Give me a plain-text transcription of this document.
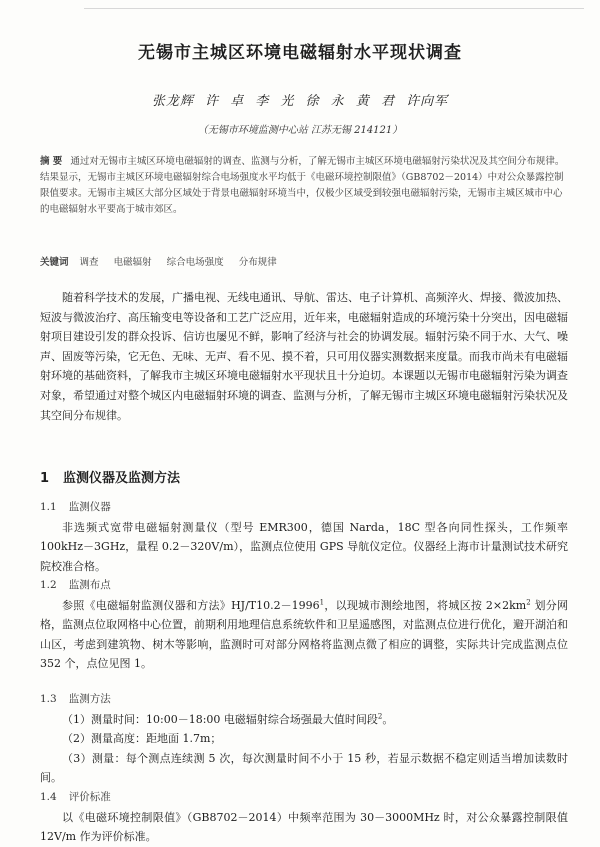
无锡市主城区环境电磁辐射水平现状调查
张龙辉 许 卓 李 光 徐 永 黄 君 许向军
（无锡市环境监测中心站 江苏无锡 214121）
摘 要 通过对无锡市主城区环境电磁辐射的调查、监测与分析，了解无锡市主城区环境电磁辐射污染状况及其空间分布规律。结果显示，无锡市主城区环境电磁辐射综合电场强度水平均低于《电磁环境控制限值》（GB8702－2014）中对公众暴露控制限值要求。无锡市主城区大部分区域处于背景电磁辐射环境当中，仅极少区域受到较强电磁辐射污染，无锡市主城区城市中心的电磁辐射水平要高于城市郊区。
关键词 调查 电磁辐射 综合电场强度 分布规律

随着科学技术的发展，广播电视、无线电通讯、导航、雷达、电子计算机、高频淬火、焊接、微波加热、短波与微波治疗、高压输变电等设备和工艺广泛应用，近年来，电磁辐射造成的环境污染十分突出，因电磁辐射项目建设引发的群众投诉、信访也屡见不鲜，影响了经济与社会的协调发展。辐射污染不同于水、大气、噪声、固废等污染，它无色、无味、无声、看不见、摸不着，只可用仪器实测数据来度量。而我市尚未有电磁辐射环境的基础资料，了解我市主城区环境电磁辐射水平现状且十分迫切。本课题以无锡市电磁辐射污染为调查对象，希望通过对整个城区内电磁辐射环境的调查、监测与分析，了解无锡市主城区环境电磁辐射污染状况及其空间分布规律。

1 监测仪器及监测方法

1.1 监测仪器

非选频式宽带电磁辐射测量仪（型号 EMR300，德国 Narda，18C 型各向同性探头，工作频率 100kHz－3GHz，量程 0.2－320V/m），监测点位使用 GPS 导航仪定位。仪器经上海市计量测试技术研究院校准合格。

1.2 监测布点

参照《电磁辐射监测仪器和方法》$HJ/T10.2-1996^1$，以现城市测绘地图，将城区按 $2\times 2km^2$ 划分网格，监测点位取网格中心位置，前期利用地理信息系统软件和卫星遥感图，对监测点位进行优化，避开湖泊和山区，考虑到建筑物、树木等影响，监测时可对部分网格将监测点微了相应的调整，实际共计完成监测点位 352 个，点位见图 1。

1.3 监测方法

（1）测量时间：10:00－18:00 电磁辐射综合场强最大值时间段$^2$。

（2）测量高度：距地面 1.7m；

（3）测量：每个测点连续测 5 次，每次测量时间不小于 15 秒，若显示数据不稳定则适当增加读数时间。

1.4 评价标准

以《电磁环境控制限值》（GB8702－2014）中频率范围为 30－3000MHz 时，对公众暴露控制限值 12V/m 作为评价标准。
